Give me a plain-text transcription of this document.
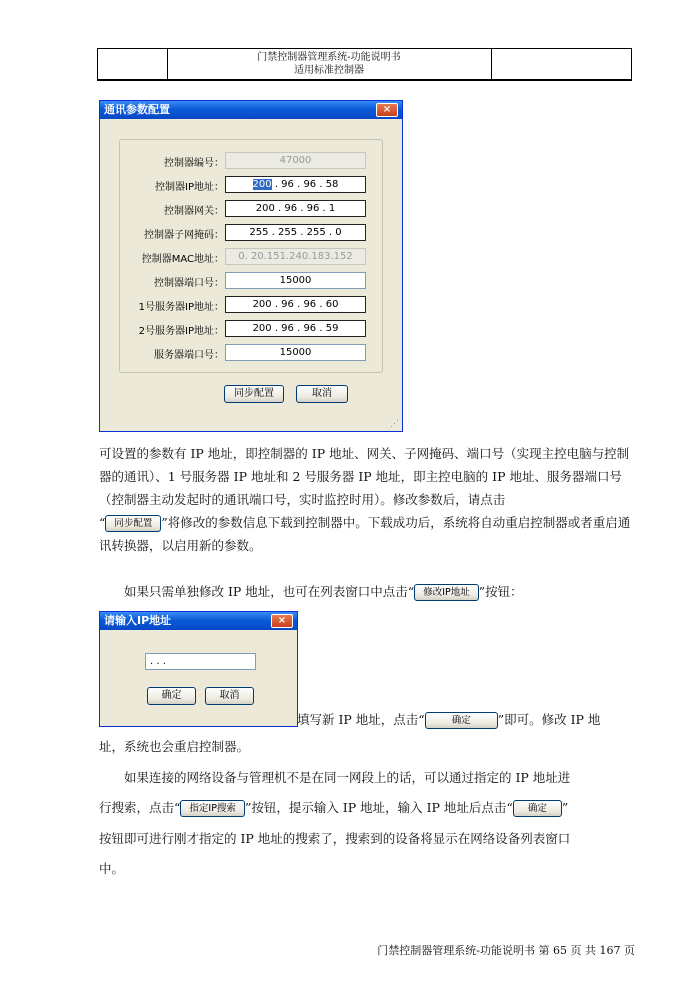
门禁控制器管理系统-功能说明书
适用标准控制器
通讯参数配置	×
控制器编号：	47000
控制器IP地址：	200 . 96 . 96 . 58
控制器网关：	200 . 96 . 96 . 1
控制器子网掩码：	255 . 255 . 255 . 0
控制器MAC地址：	0. 20.151.240.183.152
控制器端口号：	15000
1号服务器IP地址：	200 . 96 . 96 . 60
2号服务器IP地址：	200 . 96 . 96 . 59
服务器端口号：	15000
同步配置	取消
⋰
可设置的参数有 IP 地址，即控制器的 IP 地址、网关、子网掩码、端口号（实现主控电脑与控制器的通讯）、1 号服务器 IP 地址和 2 号服务器 IP 地址，即主控电脑的 IP 地址、服务器端口号（控制器主动发起时的通讯端口号，实时监控时用）。修改参数后，请点击
“ 同步配置 ”将修改的参数信息下载到控制器中。下载成功后，系统将自动重启控制器或者重启通讯转换器，以启用新的参数。
如果只需单独修改 IP 地址，也可在列表窗口中点击“ 修改IP地址 ”按钮：
请输入IP地址	×
. . .
确定	取消
填写新 IP 地址，点击“	确定 ”即可。修改 IP 地
址，系统也会重启控制器。
如果连接的网络设备与管理机不是在同一网段上的话，可以通过指定的 IP 地址进
行搜索，点击“ 指定IP搜索 ”按钮，提示输入 IP 地址，输入 IP 地址后点击“ 确定 ”
按钮即可进行刚才指定的 IP 地址的搜索了，搜索到的设备将显示在网络设备列表窗口
中。
门禁控制器管理系统-功能说明书 第 65 页 共 167 页
